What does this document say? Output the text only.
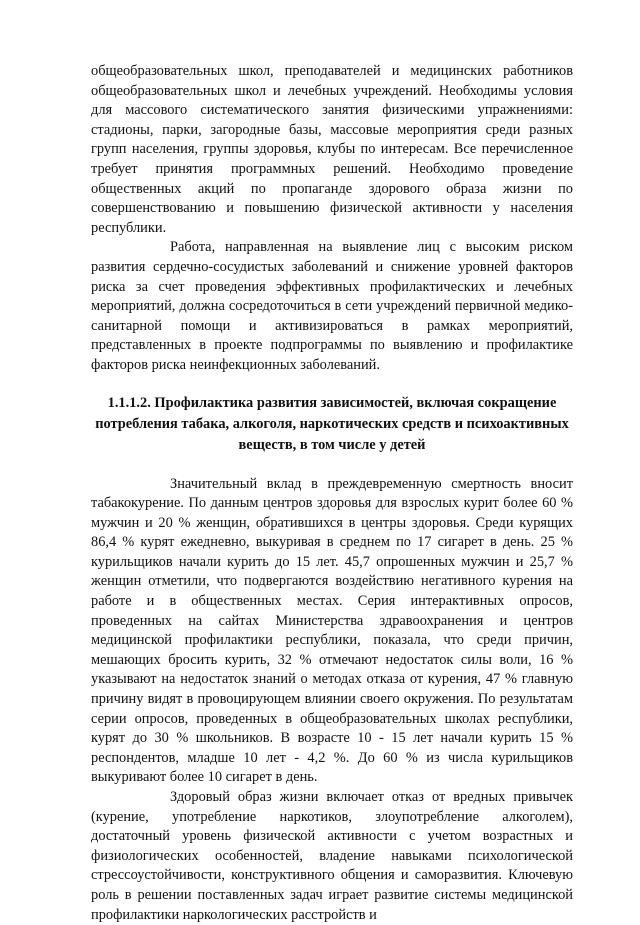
общеобразовательных школ, преподавателей и медицинских работников общеобразовательных школ и лечебных учреждений. Необходимы условия для массового систематического занятия физическими упражнениями: стадионы, парки, загородные базы, массовые мероприятия среди разных групп населения, группы здоровья, клубы по интересам. Все перечисленное требует принятия программных решений. Необходимо проведение общественных акций по пропаганде здорового образа жизни по совершенствованию и повышению физической активности у населения республики.

Работа, направленная на выявление лиц с высоким риском развития сердечно-сосудистых заболеваний и снижение уровней факторов риска за счет проведения эффективных профилактических и лечебных мероприятий, должна сосредоточиться в сети учреждений первичной медико-санитарной помощи и активизироваться в рамках мероприятий, представленных в проекте подпрограммы по выявлению и профилактике факторов риска неинфекционных заболеваний.

1.1.1.2. Профилактика развития зависимостей, включая сокращение потребления табака, алкоголя, наркотических средств и психоактивных веществ, в том числе у детей

Значительный вклад в преждевременную смертность вносит табакокурение. По данным центров здоровья для взрослых курит более 60 % мужчин и 20 % женщин, обратившихся в центры здоровья. Среди курящих 86,4 % курят ежедневно, выкуривая в среднем по 17 сигарет в день. 25 % курильщиков начали курить до 15 лет. 45,7 опрошенных мужчин и 25,7 % женщин отметили, что подвергаются воздействию негативного курения на работе и в общественных местах. Серия интерактивных опросов, проведенных на сайтах Министерства здравоохранения и центров медицинской профилактики республики, показала, что среди причин, мешающих бросить курить, 32 % отмечают недостаток силы воли, 16 % указывают на недостаток знаний о методах отказа от курения, 47 % главную причину видят в провоцирующем влиянии своего окружения. По результатам серии опросов, проведенных в общеобразовательных школах республики, курят до 30 % школьников. В возрасте 10 - 15 лет начали курить 15 % респондентов, младше 10 лет - 4,2 %. До 60 % из числа курильщиков выкуривают более 10 сигарет в день.

Здоровый образ жизни включает отказ от вредных привычек (курение, употребление наркотиков, злоупотребление алкоголем), достаточный уровень физической активности с учетом возрастных и физиологических особенностей, владение навыками психологической стрессоустойчивости, конструктивного общения и саморазвития. Ключевую роль в решении поставленных задач играет развитие системы медицинской профилактики наркологических расстройств и
